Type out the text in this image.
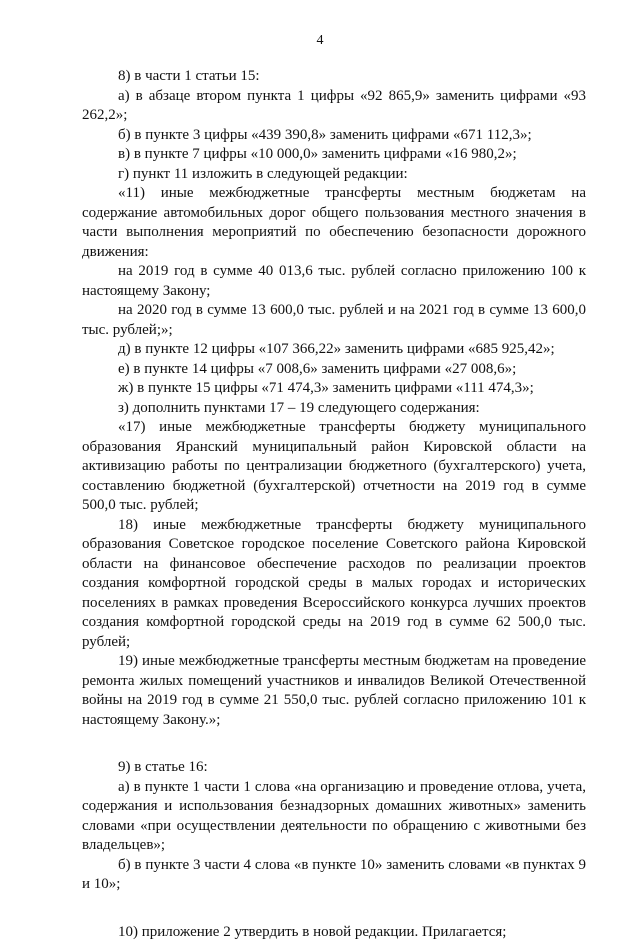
4

8) в части 1 статьи 15:

а) в абзаце втором пункта 1 цифры «92 865,9» заменить цифрами «93 262,2»;

б) в пункте 3 цифры «439 390,8» заменить цифрами «671 112,3»;

в) в пункте 7 цифры «10 000,0» заменить цифрами «16 980,2»;

г) пункт 11 изложить в следующей редакции:

«11) иные межбюджетные трансферты местным бюджетам на содержание автомобильных дорог общего пользования местного значения в части выполнения мероприятий по обеспечению безопасности дорожного движения:

на 2019 год в сумме 40 013,6 тыс. рублей согласно приложению 100 к настоящему Закону;

на 2020 год в сумме 13 600,0 тыс. рублей и на 2021 год в сумме 13 600,0 тыс. рублей;»;

д) в пункте 12 цифры «107 366,22» заменить цифрами «685 925,42»;

е) в пункте 14 цифры «7 008,6» заменить цифрами «27 008,6»;

ж) в пункте 15 цифры «71 474,3» заменить цифрами «111 474,3»;

з) дополнить пунктами 17 – 19 следующего содержания:

«17) иные межбюджетные трансферты бюджету муниципального образования Яранский муниципальный район Кировской области на активизацию работы по централизации бюджетного (бухгалтерского) учета, составлению бюджетной (бухгалтерской) отчетности на 2019 год в сумме 500,0 тыс. рублей;

18) иные межбюджетные трансферты бюджету муниципального образования Советское городское поселение Советского района Кировской области на финансовое обеспечение расходов по реализации проектов создания комфортной городской среды в малых городах и исторических поселениях в рамках проведения Всероссийского конкурса лучших проектов создания комфортной городской среды на 2019 год в сумме 62 500,0 тыс. рублей;

19) иные межбюджетные трансферты местным бюджетам на проведение ремонта жилых помещений участников и инвалидов Великой Отечественной войны на 2019 год в сумме 21 550,0 тыс. рублей согласно приложению 101 к настоящему Закону.»;

9) в статье 16:

а) в пункте 1 части 1 слова «на организацию и проведение отлова, учета, содержания и использования безнадзорных домашних животных» заменить словами «при осуществлении деятельности по обращению с животными без владельцев»;

б) в пункте 3 части 4 слова «в пункте 10» заменить словами «в пунктах 9 и 10»;

10) приложение 2 утвердить в новой редакции. Прилагается;
